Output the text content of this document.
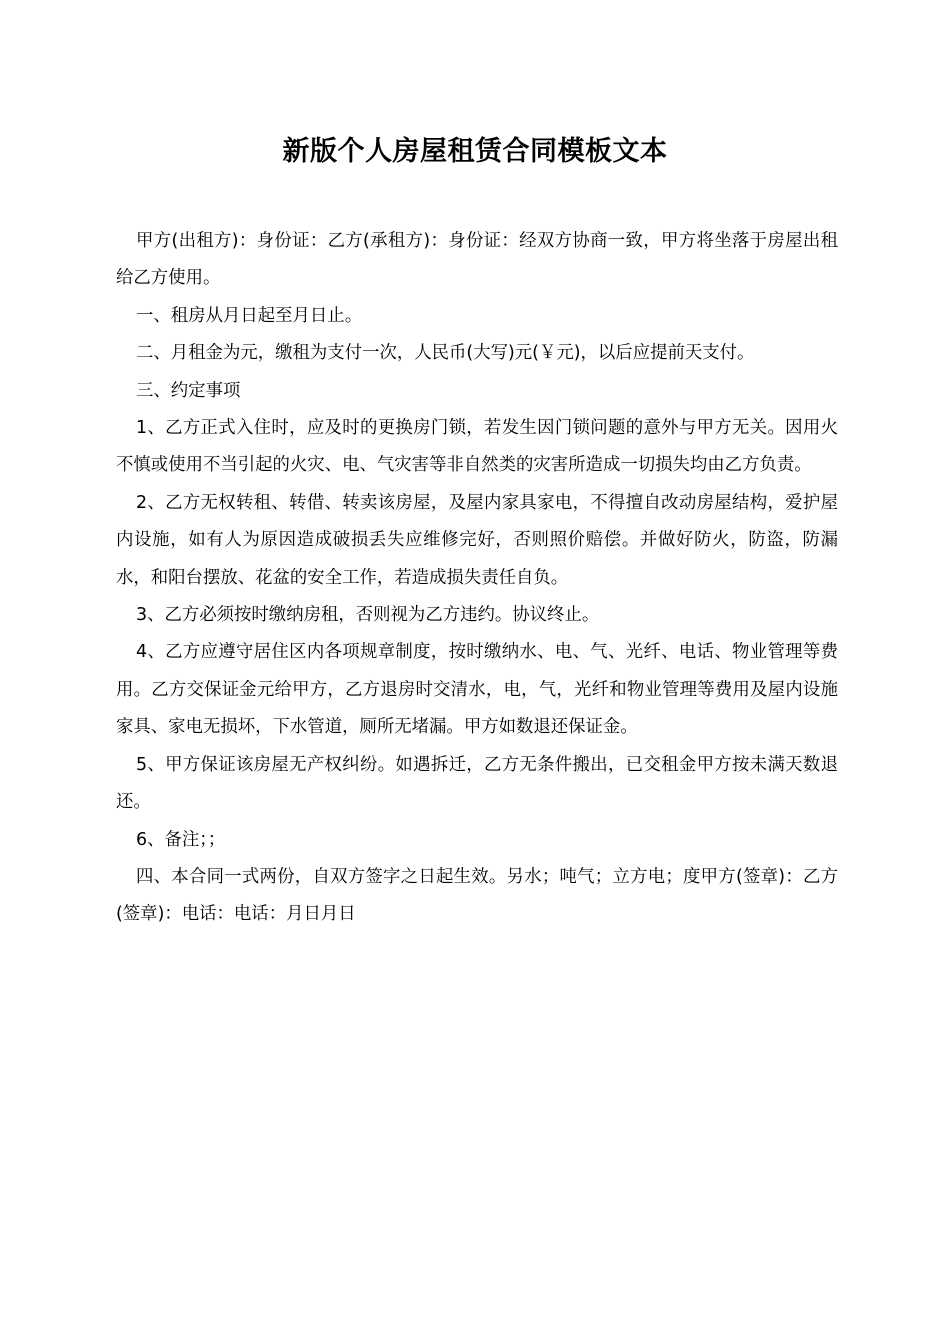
新版个人房屋租赁合同模板文本

甲方(出租方)：身份证：乙方(承租方)：身份证：经双方协商一致，甲方将坐落于房屋出租给乙方使用。

一、租房从月日起至月日止。

二、月租金为元，缴租为支付一次，人民币(大写)元(￥元)，以后应提前天支付。

三、约定事项

1、乙方正式入住时，应及时的更换房门锁，若发生因门锁问题的意外与甲方无关。因用火不慎或使用不当引起的火灾、电、气灾害等非自然类的灾害所造成一切损失均由乙方负责。

2、乙方无权转租、转借、转卖该房屋，及屋内家具家电，不得擅自改动房屋结构，爱护屋内设施，如有人为原因造成破损丢失应维修完好，否则照价赔偿。并做好防火，防盗，防漏水，和阳台摆放、花盆的安全工作，若造成损失责任自负。

3、乙方必须按时缴纳房租，否则视为乙方违约。协议终止。

4、乙方应遵守居住区内各项规章制度，按时缴纳水、电、气、光纤、电话、物业管理等费用。乙方交保证金元给甲方，乙方退房时交清水，电，气，光纤和物业管理等费用及屋内设施家具、家电无损坏，下水管道，厕所无堵漏。甲方如数退还保证金。

5、甲方保证该房屋无产权纠纷。如遇拆迁，乙方无条件搬出，已交租金甲方按未满天数退还。

6、备注；；

四、本合同一式两份，自双方签字之日起生效。另水；吨气；立方电；度甲方(签章)：乙方(签章)：电话：电话：月日月日
